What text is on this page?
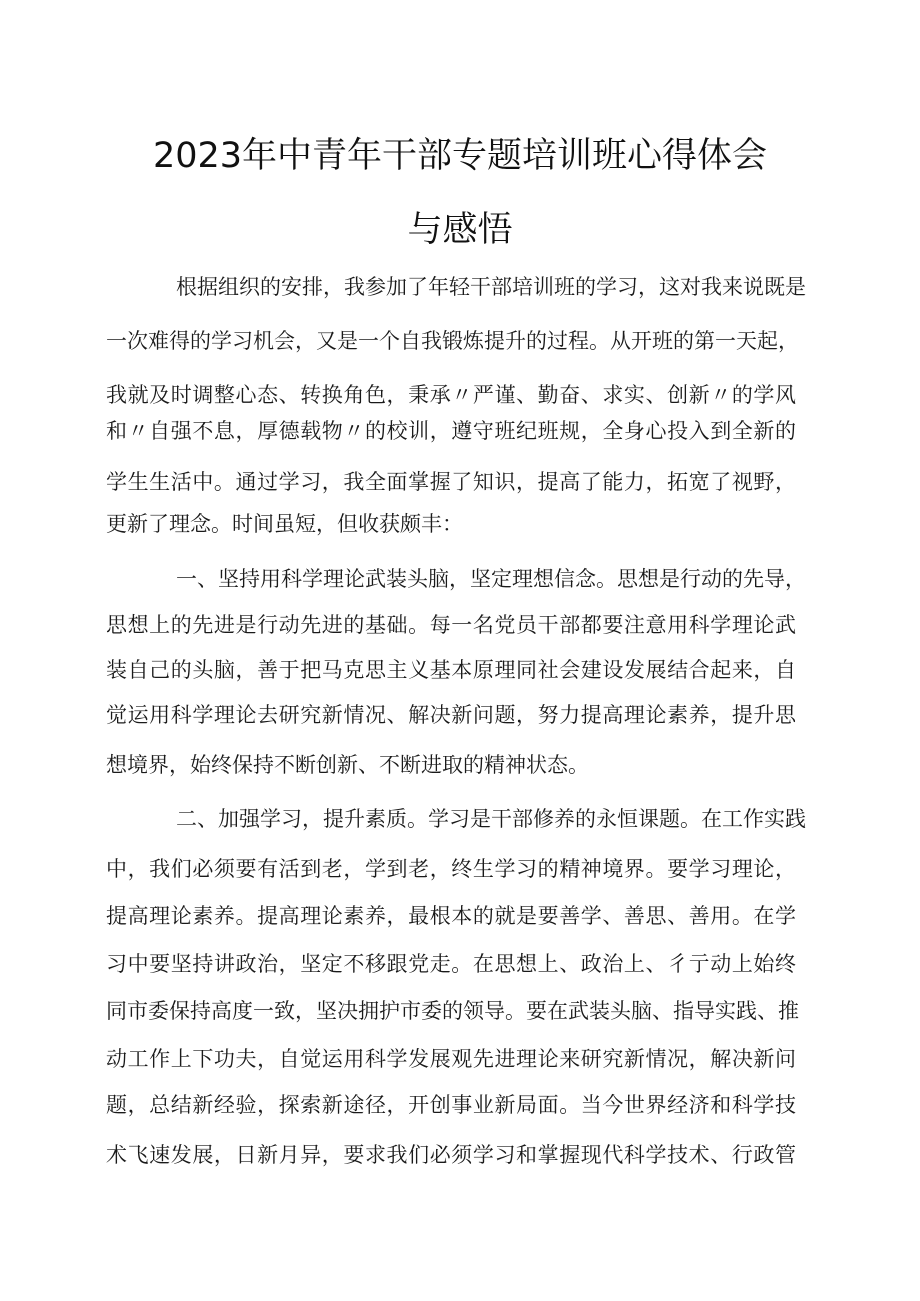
2023年中青年干部专题培训班心得体会
与感悟
根据组织的安排，我参加了年轻干部培训班的学习，这对我来说既是
一次难得的学习机会，又是一个自我锻炼提升的过程。从开班的第一天起，
我就及时调整心态、转换角色，秉承〃严谨、勤奋、求实、创新〃的学风
和〃自强不息，厚德载物〃的校训，遵守班纪班规，全身心投入到全新的
学生生活中。通过学习，我全面掌握了知识，提高了能力，拓宽了视野，
更新了理念。时间虽短，但收获颇丰：
一、坚持用科学理论武装头脑，坚定理想信念。思想是行动的先导，
思想上的先进是行动先进的基础。每一名党员干部都要注意用科学理论武
装自己的头脑，善于把马克思主义基本原理同社会建设发展结合起来，自
觉运用科学理论去研究新情况、解决新问题，努力提高理论素养，提升思
想境界，始终保持不断创新、不断进取的精神状态。
二、加强学习，提升素质。学习是干部修养的永恒课题。在工作实践
中，我们必须要有活到老，学到老，终生学习的精神境界。要学习理论，
提高理论素养。提高理论素养，最根本的就是要善学、善思、善用。在学
习中要坚持讲政治，坚定不移跟党走。在思想上、政治上、彳亍动上始终
同市委保持高度一致，坚决拥护市委的领导。要在武装头脑、指导实践、推
动工作上下功夫，自觉运用科学发展观先进理论来研究新情况，解决新问
题，总结新经验，探索新途径，开创事业新局面。当今世界经济和科学技
术飞速发展，日新月异，要求我们必须学习和掌握现代科学技术、行政管
